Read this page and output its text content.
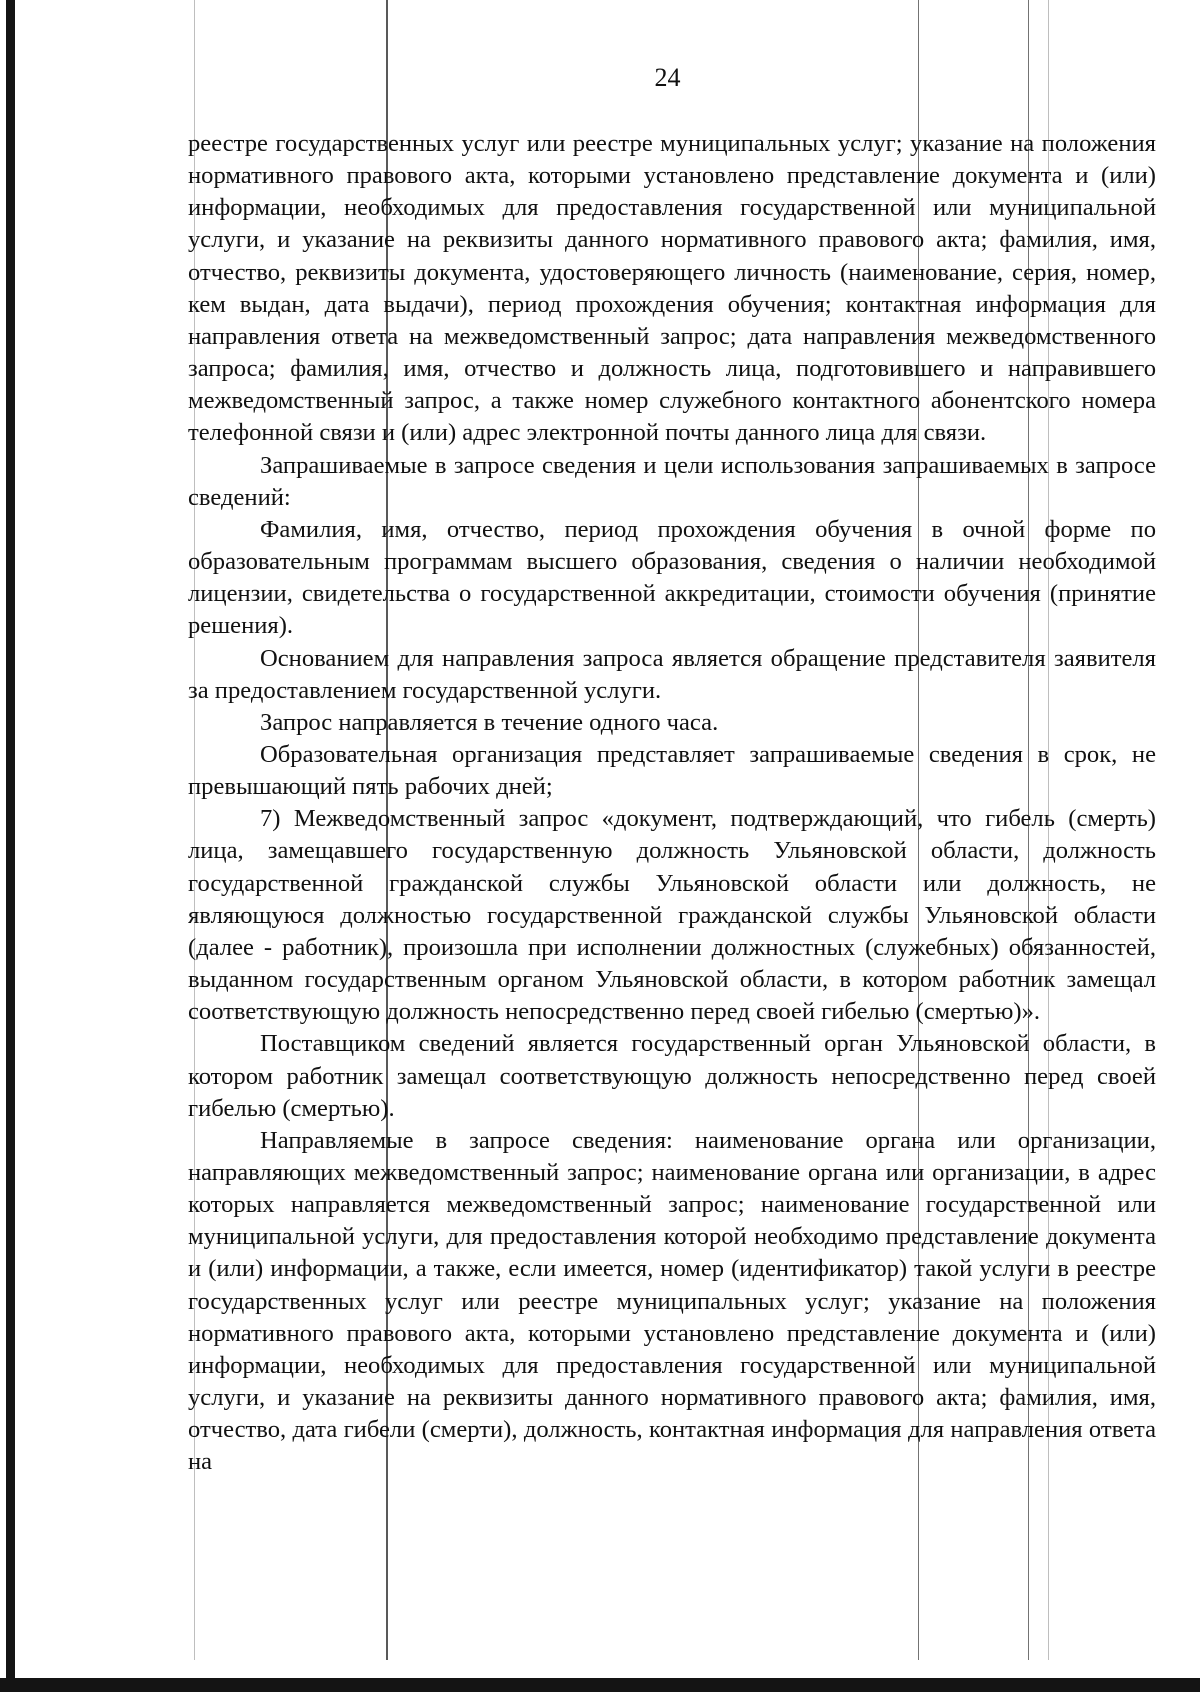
24

реестре государственных услуг или реестре муниципальных услуг; указание на положения нормативного правового акта, которыми установлено представление документа и (или) информации, необходимых для предоставления государственной или муниципальной услуги, и указание на реквизиты данного нормативного правового акта; фамилия, имя, отчество, реквизиты документа, удостоверяющего личность (наименование, серия, номер, кем выдан, дата выдачи), период прохождения обучения; контактная информация для направления ответа на межведомственный запрос; дата направления межведомственного запроса; фамилия, имя, отчество и должность лица, подготовившего и направившего межведомственный запрос, а также номер служебного контактного абонентского номера телефонной связи и (или) адрес электронной почты данного лица для связи.

Запрашиваемые в запросе сведения и цели использования запрашиваемых в запросе сведений:

Фамилия, имя, отчество, период прохождения обучения в очной форме по образовательным программам высшего образования, сведения о наличии необходимой лицензии, свидетельства о государственной аккредитации, стоимости обучения (принятие решения).

Основанием для направления запроса является обращение представителя заявителя за предоставлением государственной услуги.

Запрос направляется в течение одного часа.

Образовательная организация представляет запрашиваемые сведения в срок, не превышающий пять рабочих дней;

7) Межведомственный запрос «документ, подтверждающий, что гибель (смерть) лица, замещавшего государственную должность Ульяновской области, должность государственной гражданской службы Ульяновской области или должность, не являющуюся должностью государственной гражданской службы Ульяновской области (далее - работник), произошла при исполнении должностных (служебных) обязанностей, выданном государственным органом Ульяновской области, в котором работник замещал соответствующую должность непосредственно перед своей гибелью (смертью)».

Поставщиком сведений является государственный орган Ульяновской области, в котором работник замещал соответствующую должность непосредственно перед своей гибелью (смертью).

Направляемые в запросе сведения: наименование органа или организации, направляющих межведомственный запрос; наименование органа или организации, в адрес которых направляется межведомственный запрос; наименование государственной или муниципальной услуги, для предоставления которой необходимо представление документа и (или) информации, а также, если имеется, номер (идентификатор) такой услуги в реестре государственных услуг или реестре муниципальных услуг; указание на положения нормативного правового акта, которыми установлено представление документа и (или) информации, необходимых для предоставления государственной или муниципальной услуги, и указание на реквизиты данного нормативного правового акта; фамилия, имя, отчество, дата гибели (смерти), должность, контактная информация для направления ответа на
